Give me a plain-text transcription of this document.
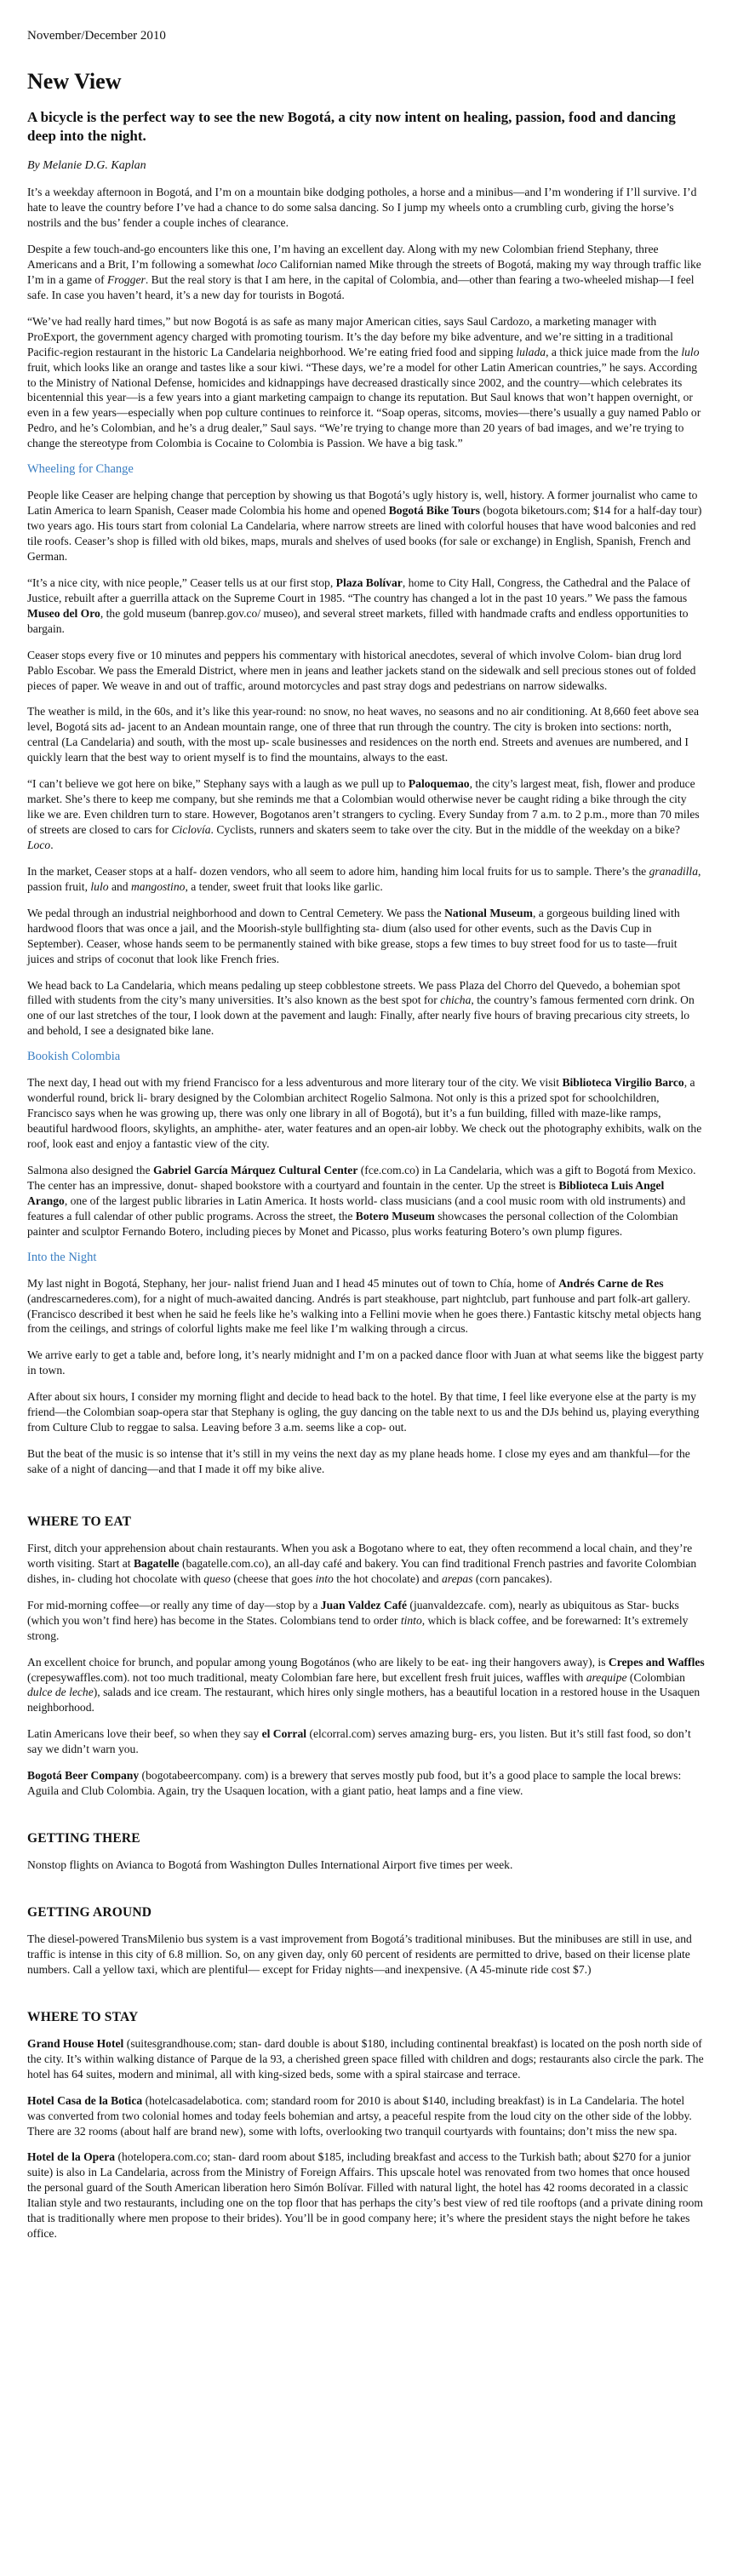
November/December 2010
New View
A bicycle is the perfect way to see the new Bogotá, a city now intent on healing, passion, food and dancing deep into the night.
By Melanie D.G. Kaplan

It’s a weekday afternoon in Bogotá, and I’m on a mountain bike dodging potholes, a horse and a minibus—and I’m wondering if I’ll survive. I’d hate to leave the country before I’ve had a chance to do some salsa dancing. So I jump my wheels onto a crumbling curb, giving the horse’s nostrils and the bus’ fender a couple inches of clearance.

Despite a few touch-and-go encounters like this one, I’m having an excellent day. Along with my new Colombian friend Stephany, three Americans and a Brit, I’m following a somewhat loco Californian named Mike through the streets of Bogotá, making my way through traffic like I’m in a game of Frogger. But the real story is that I am here, in the capital of Colombia, and—other than fearing a two-wheeled mishap—I feel safe. In case you haven’t heard, it’s a new day for tourists in Bogotá.

“We’ve had really hard times,” but now Bogotá is as safe as many major American cities, says Saul Cardozo, a marketing manager with ProExport, the government agency charged with promoting tourism. It’s the day before my bike adventure, and we’re sitting in a traditional Pacific-region restaurant in the historic La Candelaria neighborhood. We’re eating fried food and sipping lulada, a thick juice made from the lulo fruit, which looks like an orange and tastes like a sour kiwi. “These days, we’re a model for other Latin American countries,” he says. According to the Ministry of National Defense, homicides and kidnappings have decreased drastically since 2002, and the country—which celebrates its bicentennial this year—is a few years into a giant marketing campaign to change its reputation. But Saul knows that won’t happen overnight, or even in a few years—especially when pop culture continues to reinforce it. “Soap operas, sitcoms, movies—there’s usually a guy named Pablo or Pedro, and he’s Colombian, and he’s a drug dealer,” Saul says. “We’re trying to change more than 20 years of bad images, and we’re trying to change the stereotype from Colombia is Cocaine to Colombia is Passion. We have a big task.”

Wheeling for Change

People like Ceaser are helping change that perception by showing us that Bogotá’s ugly history is, well, history. A former journalist who came to Latin America to learn Spanish, Ceaser made Colombia his home and opened Bogotá Bike Tours (bogota biketours.com; $14 for a half-day tour) two years ago. His tours start from colonial La Candelaria, where narrow streets are lined with colorful houses that have wood balconies and red tile roofs. Ceaser’s shop is filled with old bikes, maps, murals and shelves of used books (for sale or exchange) in English, Spanish, French and German.

“It’s a nice city, with nice people,” Ceaser tells us at our first stop, Plaza Bolívar, home to City Hall, Congress, the Cathedral and the Palace of Justice, rebuilt after a guerrilla attack on the Supreme Court in 1985. “The country has changed a lot in the past 10 years.” We pass the famous Museo del Oro, the gold museum (banrep.gov.co/ museo), and several street markets, filled with handmade crafts and endless opportunities to bargain.

Ceaser stops every five or 10 minutes and peppers his commentary with historical anecdotes, several of which involve Colom- bian drug lord Pablo Escobar. We pass the Emerald District, where men in jeans and leather jackets stand on the sidewalk and sell precious stones out of folded pieces of paper. We weave in and out of traffic, around motorcycles and past stray dogs and pedestrians on narrow sidewalks.

The weather is mild, in the 60s, and it’s like this year-round: no snow, no heat waves, no seasons and no air conditioning. At 8,660 feet above sea level, Bogotá sits ad- jacent to an Andean mountain range, one of three that run through the country. The city is broken into sections: north, central (La Candelaria) and south, with the most up- scale businesses and residences on the north end. Streets and avenues are numbered, and I quickly learn that the best way to orient myself is to find the mountains, always to the east.

“I can’t believe we got here on bike,” Stephany says with a laugh as we pull up to Paloquemao, the city’s largest meat, fish, flower and produce market. She’s there to keep me company, but she reminds me that a Colombian would otherwise never be caught riding a bike through the city like we are. Even children turn to stare. However, Bogotanos aren’t strangers to cycling. Every Sunday from 7 a.m. to 2 p.m., more than 70 miles of streets are closed to cars for Ciclovía. Cyclists, runners and skaters seem to take over the city. But in the middle of the weekday on a bike? Loco.

In the market, Ceaser stops at a half- dozen vendors, who all seem to adore him, handing him local fruits for us to sample. There’s the granadilla, passion fruit, lulo and mangostino, a tender, sweet fruit that looks like garlic.

We pedal through an industrial neighborhood and down to Central Cemetery. We pass the National Museum, a gorgeous building lined with hardwood floors that was once a jail, and the Moorish-style bullfighting sta- dium (also used for other events, such as the Davis Cup in September). Ceaser, whose hands seem to be permanently stained with bike grease, stops a few times to buy street food for us to taste—fruit juices and strips of coconut that look like French fries.

We head back to La Candelaria, which means pedaling up steep cobblestone streets. We pass Plaza del Chorro del Quevedo, a bohemian spot filled with students from the city’s many universities. It’s also known as the best spot for chicha, the country’s famous fermented corn drink. On one of our last stretches of the tour, I look down at the pavement and laugh: Finally, after nearly five hours of braving precarious city streets, lo and behold, I see a designated bike lane.

Bookish Colombia

The next day, I head out with my friend Francisco for a less adventurous and more literary tour of the city. We visit Biblioteca Virgilio Barco, a wonderful round, brick li- brary designed by the Colombian architect Rogelio Salmona. Not only is this a prized spot for schoolchildren, Francisco says when he was growing up, there was only one library in all of Bogotá), but it’s a fun building, filled with maze-like ramps, beautiful hardwood floors, skylights, an amphithe- ater, water features and an open-air lobby. We check out the photography exhibits, walk on the roof, look east and enjoy a fantastic view of the city.

Salmona also designed the Gabriel García Márquez Cultural Center (fce.com.co) in La Candelaria, which was a gift to Bogotá from Mexico. The center has an impressive, donut- shaped bookstore with a courtyard and fountain in the center. Up the street is Biblioteca Luis Angel Arango, one of the largest public libraries in Latin America. It hosts world- class musicians (and a cool music room with old instruments) and features a full calendar of other public programs. Across the street, the Botero Museum showcases the personal collection of the Colombian painter and sculptor Fernando Botero, including pieces by Monet and Picasso, plus works featuring Botero’s own plump figures.

Into the Night

My last night in Bogotá, Stephany, her jour- nalist friend Juan and I head 45 minutes out of town to Chía, home of Andrés Carne de Res (andrescarnederes.com), for a night of much-awaited dancing. Andrés is part steakhouse, part nightclub, part funhouse and part folk-art gallery. (Francisco described it best when he said he feels like he’s walking into a Fellini movie when he goes there.) Fantastic kitschy metal objects hang from the ceilings, and strings of colorful lights make me feel like I’m walking through a circus.

We arrive early to get a table and, before long, it’s nearly midnight and I’m on a packed dance floor with Juan at what seems like the biggest party in town.

After about six hours, I consider my morning flight and decide to head back to the hotel. By that time, I feel like everyone else at the party is my friend—the Colombian soap-opera star that Stephany is ogling, the guy dancing on the table next to us and the DJs behind us, playing everything from Culture Club to reggae to salsa. Leaving before 3 a.m. seems like a cop- out.

But the beat of the music is so intense that it’s still in my veins the next day as my plane heads home. I close my eyes and am thankful—for the sake of a night of dancing—and that I made it off my bike alive.

WHERE TO EAT

First, ditch your apprehension about chain restaurants. When you ask a Bogotano where to eat, they often recommend a local chain, and they’re worth visiting. Start at Bagatelle (bagatelle.com.co), an all-day café and bakery. You can find traditional French pastries and favorite Colombian dishes, in- cluding hot chocolate with queso (cheese that goes into the hot chocolate) and arepas (corn pancakes).

For mid-morning coffee—or really any time of day—stop by a Juan Valdez Café (juanvaldezcafe. com), nearly as ubiquitous as Star- bucks (which you won’t find here) has become in the States. Colombians tend to order tinto, which is black coffee, and be forewarned: It’s extremely strong.

An excellent choice for brunch, and popular among young Bogotános (who are likely to be eat- ing their hangovers away), is Crepes and Waffles (crepesywaffles.com). not too much traditional, meaty Colombian fare here, but excellent fresh fruit juices, waffles with arequipe (Colombian dulce de leche), salads and ice cream. The restaurant, which hires only single mothers, has a beautiful location in a restored house in the Usaquen neighborhood.

Latin Americans love their beef, so when they say el Corral (elcorral.com) serves amazing burg- ers, you listen. But it’s still fast food, so don’t say we didn’t warn you.

Bogotá Beer Company (bogotabeercompany. com) is a brewery that serves mostly pub food, but it’s a good place to sample the local brews: Aguila and Club Colombia. Again, try the Usaquen location, with a giant patio, heat lamps and a fine view.

GETTING THERE

Nonstop flights on Avianca to Bogotá from Washington Dulles International Airport five times per week.

GETTING AROUND

The diesel-powered TransMilenio bus system is a vast improvement from Bogotá’s traditional minibuses. But the minibuses are still in use, and traffic is intense in this city of 6.8 million. So, on any given day, only 60 percent of residents are permitted to drive, based on their license plate numbers. Call a yellow taxi, which are plentiful— except for Friday nights—and inexpensive. (A 45-minute ride cost $7.)

WHERE TO STAY

Grand House Hotel (suitesgrandhouse.com; stan- dard double is about $180, including continental breakfast) is located on the posh north side of the city. It’s within walking distance of Parque de la 93, a cherished green space filled with children and dogs; restaurants also circle the park. The hotel has 64 suites, modern and minimal, all with king-sized beds, some with a spiral staircase and terrace.

Hotel Casa de la Botica (hotelcasadelabotica. com; standard room for 2010 is about $140, including breakfast) is in La Candelaria. The hotel was converted from two colonial homes and today feels bohemian and artsy, a peaceful respite from the loud city on the other side of the lobby. There are 32 rooms (about half are brand new), some with lofts, overlooking two tranquil courtyards with fountains; don’t miss the new spa.

Hotel de la Opera (hotelopera.com.co; stan- dard room about $185, including breakfast and access to the Turkish bath; about $270 for a junior suite) is also in La Candelaria, across from the Ministry of Foreign Affairs. This upscale hotel was renovated from two homes that once housed the personal guard of the South American liberation hero Simón Bolívar. Filled with natural light, the hotel has 42 rooms decorated in a classic Italian style and two restaurants, including one on the top floor that has perhaps the city’s best view of red tile rooftops (and a private dining room that is traditionally where men propose to their brides). You’ll be in good company here; it’s where the president stays the night before he takes office.
